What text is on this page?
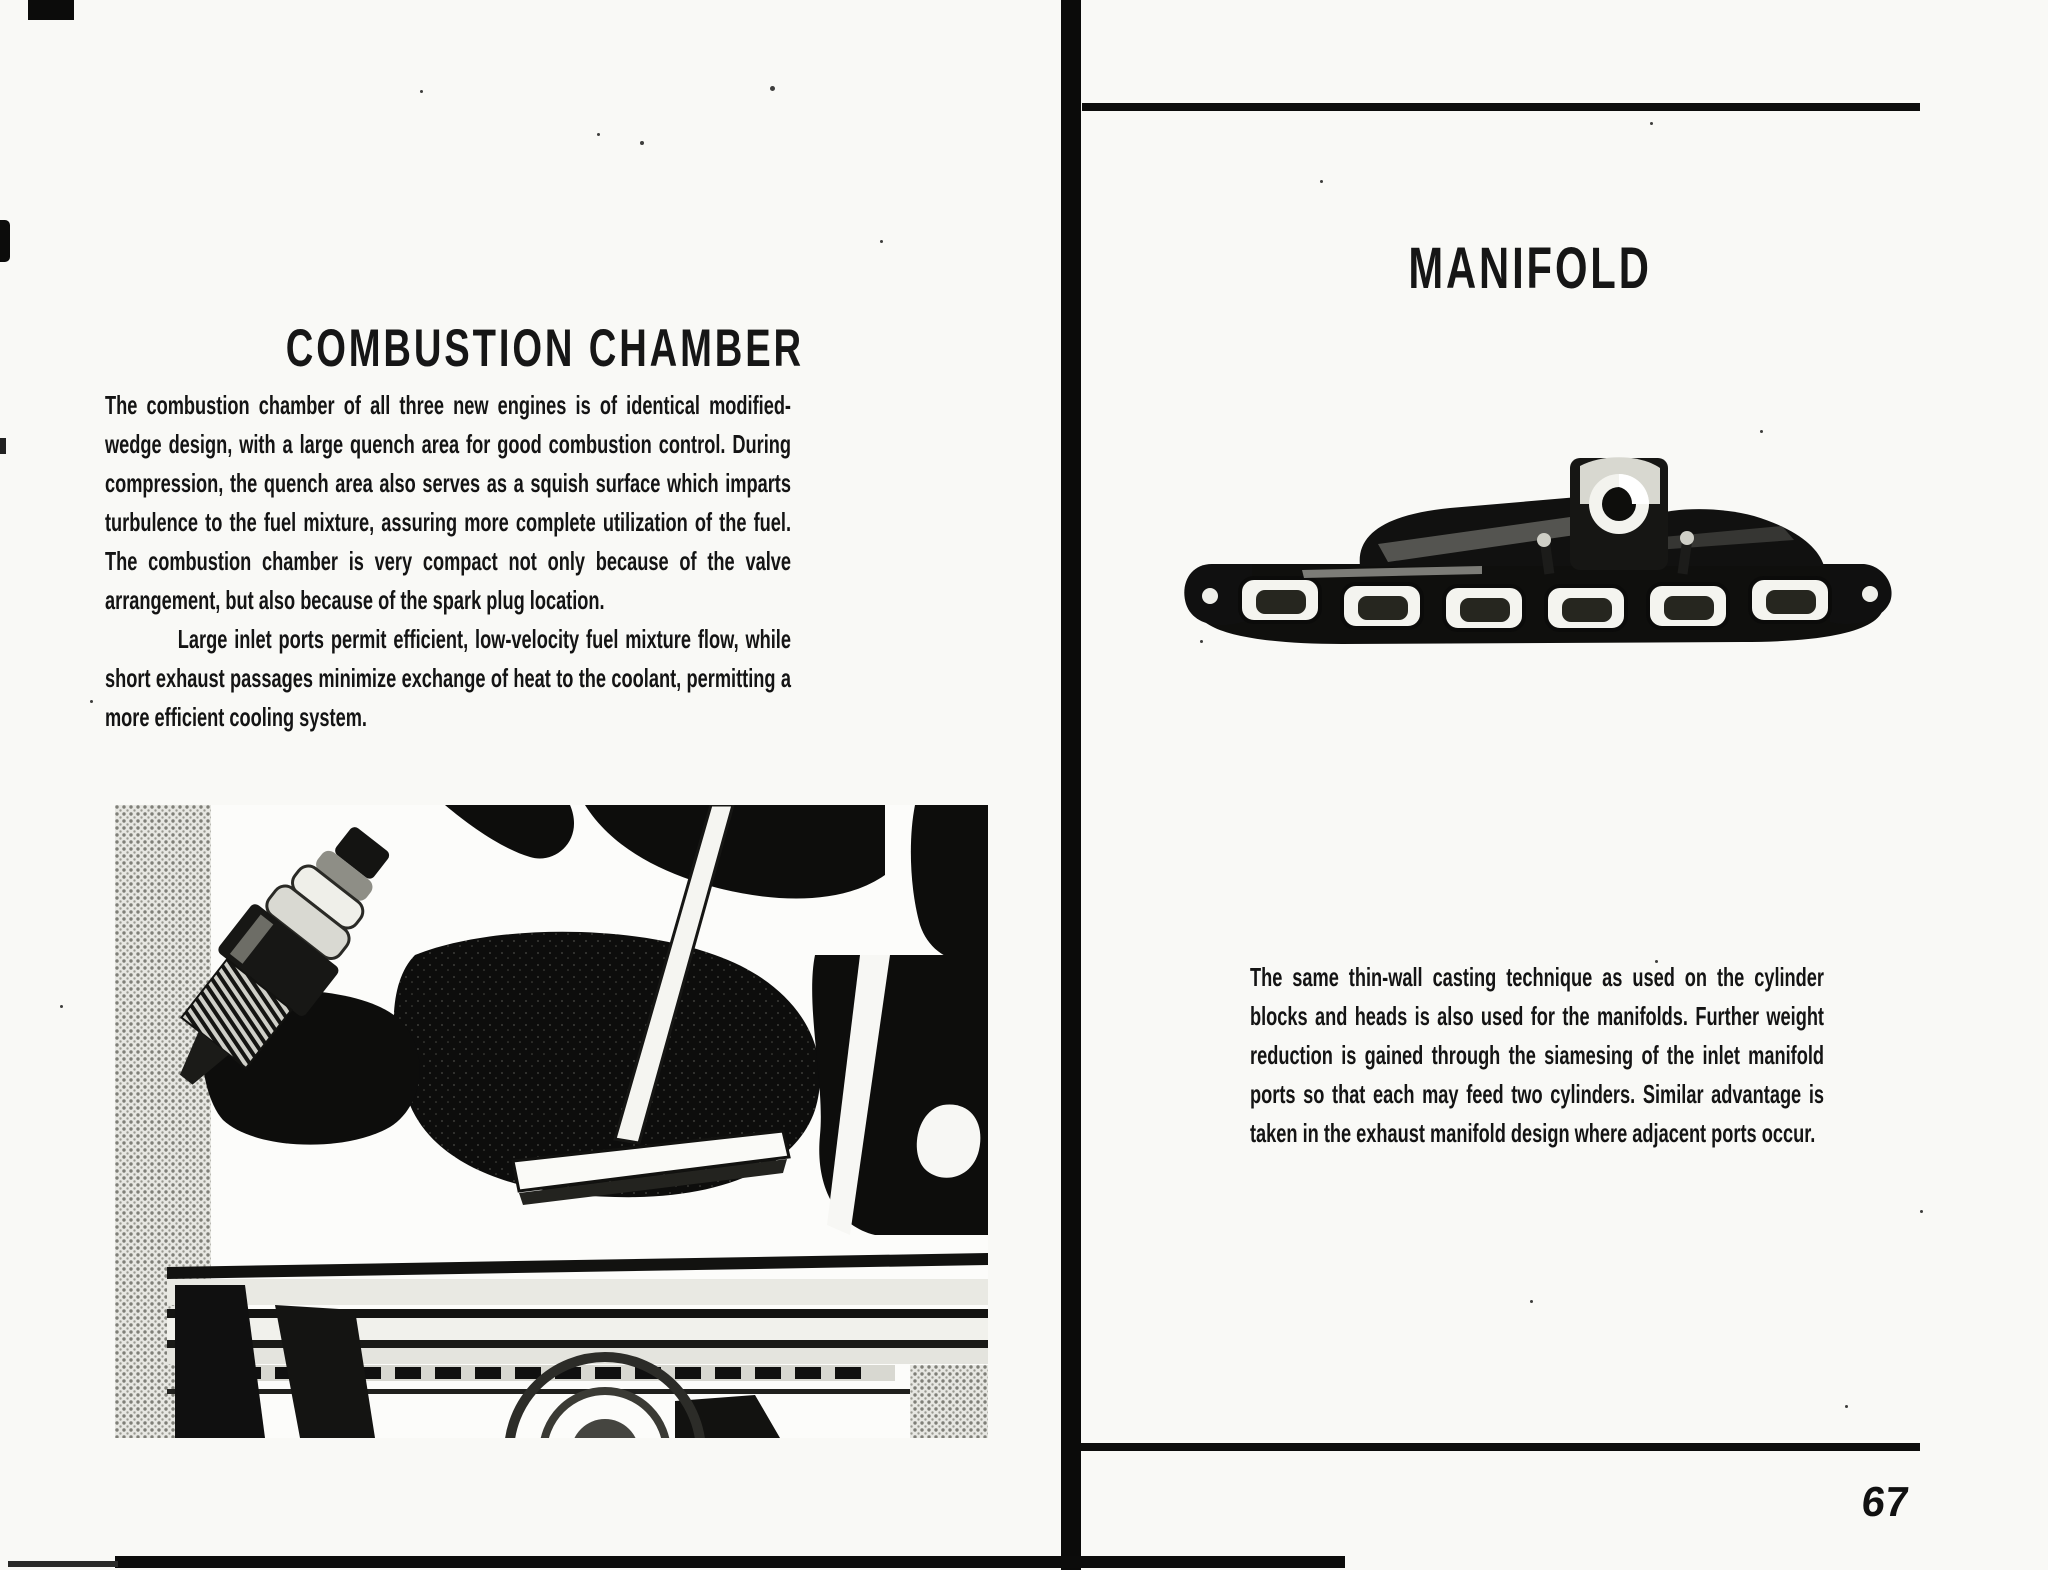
COMBUSTION CHAMBER

The combustion chamber of all three new engines is of identical modified-wedge design, with a large quench area for good combustion control. During compression, the quench area also serves as a squish surface which imparts turbulence to the fuel mixture, assuring more complete utilization of the fuel. The combustion chamber is very compact not only because of the valve arrangement, but also because of the spark plug location.

Large inlet ports permit efficient, low-velocity fuel mixture flow, while short exhaust passages minimize exchange of heat to the coolant, permitting a more efficient cooling system.

MANIFOLD

The same thin-wall casting technique as used on the cylinder blocks and heads is also used for the manifolds. Further weight reduction is gained through the siamesing of the inlet manifold ports so that each may feed two cylinders. Similar advantage is taken in the exhaust manifold design where adjacent ports occur.

67
